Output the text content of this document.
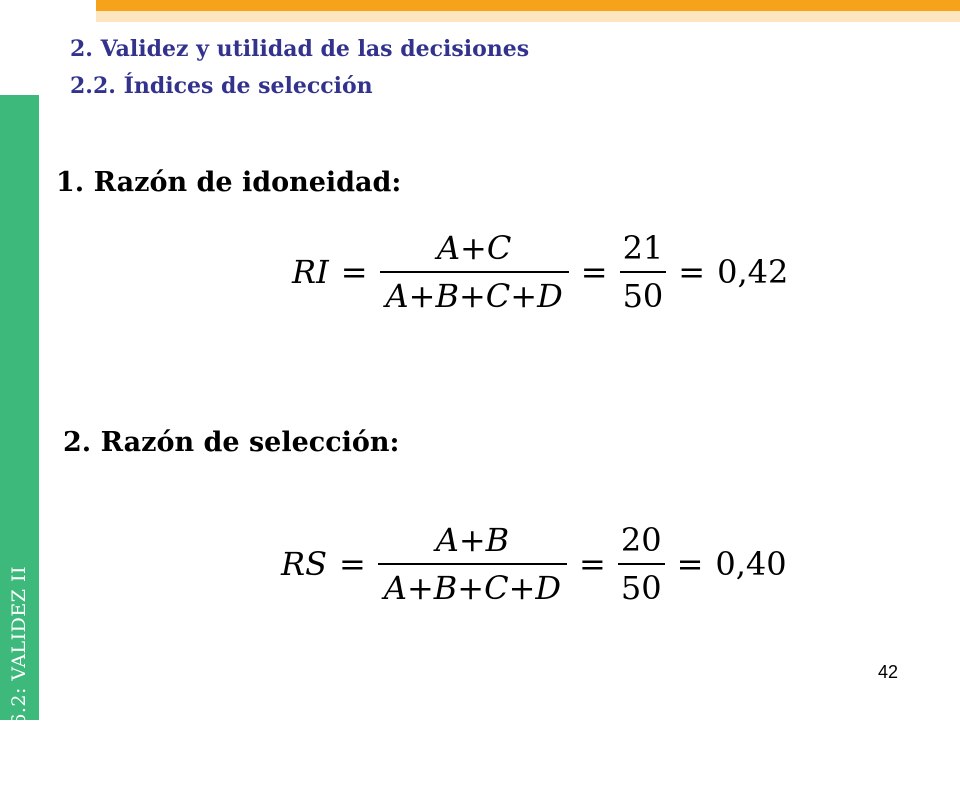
TEMA 6.2: VALIDEZ II
2. Validez y utilidad de las decisiones
2.2. Índices de selección
1. Razón de idoneidad:
RI = $\frac{A+C}{A+B+C+D} = \frac{21}{50} = 0,42$
2. Razón de selección:
RS = $\frac{A+B}{A+B+C+D} = \frac{20}{50} = 0,40$
42
